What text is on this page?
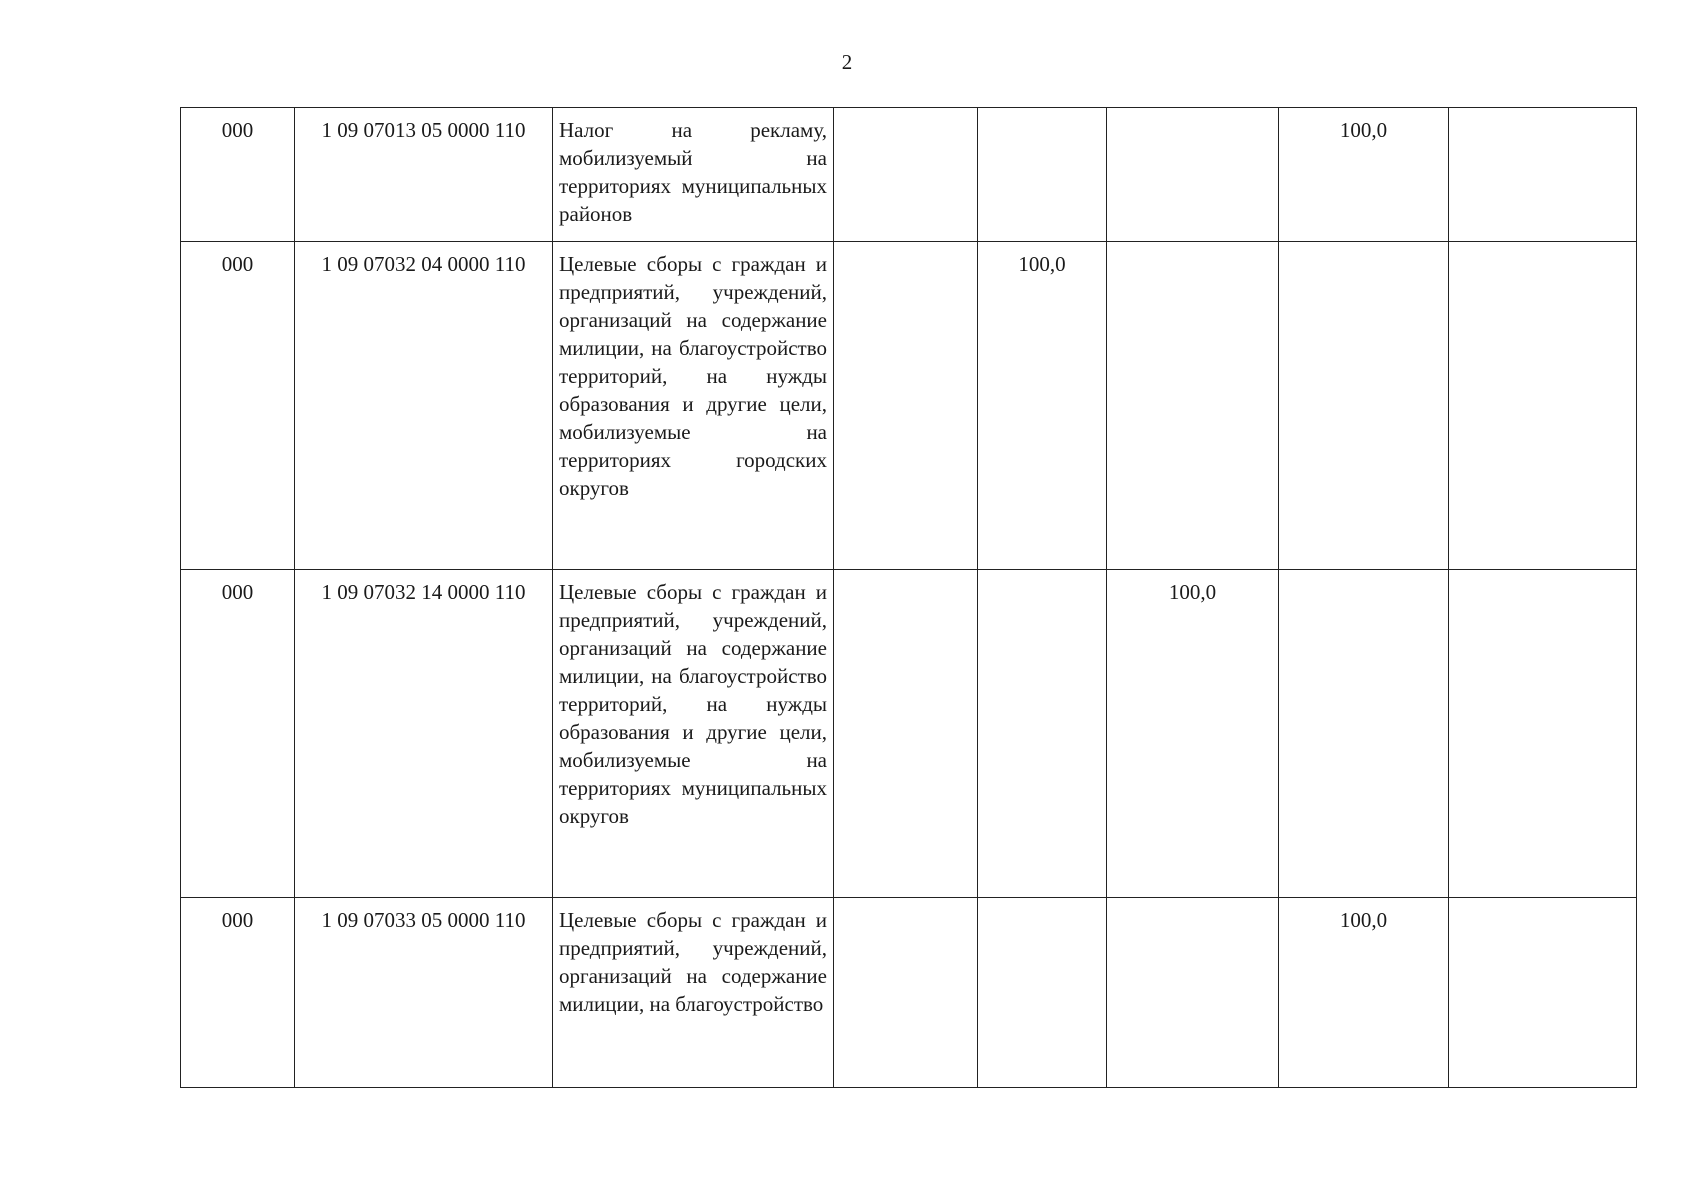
2
000	1 09 07013 05 0000 110	Налог на рекламу, мобилизуемый на территориях муниципальных районов				100,0	
000	1 09 07032 04 0000 110	Целевые сборы с граждан и предприятий, учреждений, организаций на содержание милиции, на благоустройство территорий, на нужды образования и другие цели, мобилизуемые на территориях городских округов		100,0			
000	1 09 07032 14 0000 110	Целевые сборы с граждан и предприятий, учреждений, организаций на содержание милиции, на благоустройство территорий, на нужды образования и другие цели, мобилизуемые на территориях муниципальных округов			100,0		
000	1 09 07033 05 0000 110	Целевые сборы с граждан и предприятий, учреждений, организаций на содержание милиции, на благоустройство				100,0	
